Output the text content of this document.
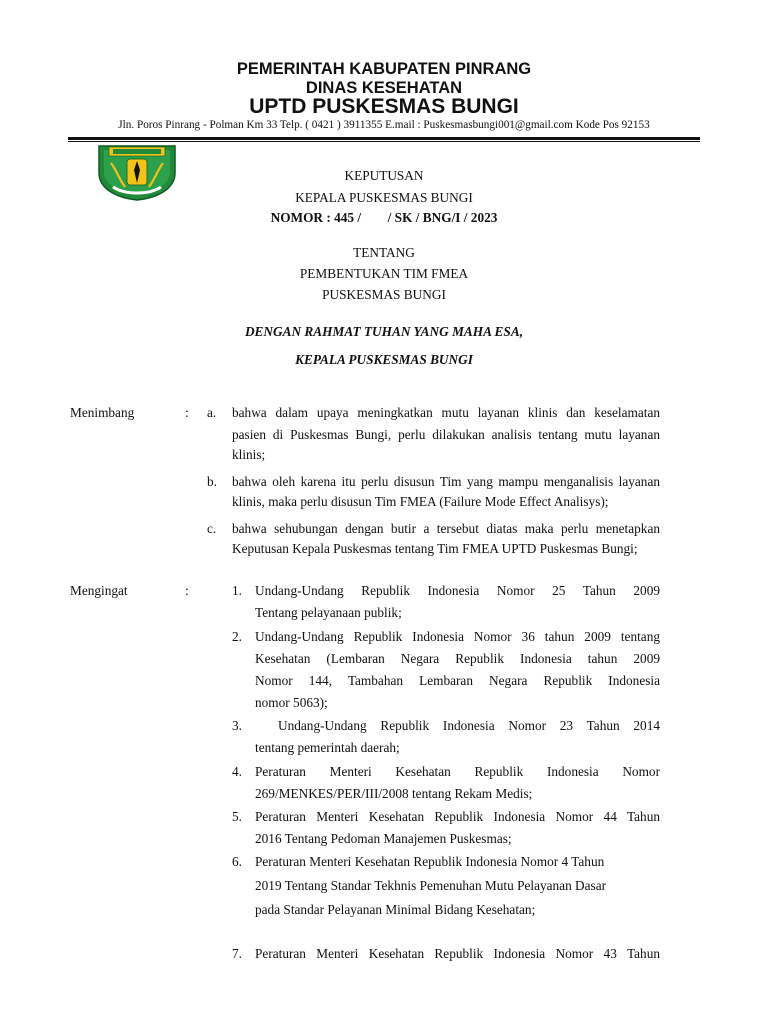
PEMERINTAH KABUPATEN PINRANG
DINAS KESEHATAN
UPTD PUSKESMAS BUNGI
Jln. Poros Pinrang - Polman Km 33 Telp. ( 0421 ) 3911355 E.mail : Puskesmasbungi001@gmail.com Kode Pos 92153
KEPUTUSAN
KEPALA PUSKESMAS BUNGI
NOMOR : 445 /        / SK / BNG/I / 2023
TENTANG
PEMBENTUKAN TIM FMEA
PUSKESMAS BUNGI
DENGAN RAHMAT TUHAN YANG MAHA ESA,
KEPALA PUSKESMAS BUNGI
Menimbang	: a. bahwa dalam upaya meningkatkan mutu layanan klinis dan keselamatan
pasien di Puskesmas Bungi, perlu dilakukan analisis tentang mutu layanan
klinis;
b. bahwa oleh karena itu perlu disusun Tim yang mampu menganalisis layanan
klinis, maka perlu disusun Tim FMEA (Failure Mode Effect Analisys);
c. bahwa sehubungan dengan butir a tersebut diatas maka perlu menetapkan
Keputusan Kepala Puskesmas tentang Tim FMEA UPTD Puskesmas Bungi;
Mengingat	:	1. Undang-Undang Republik Indonesia Nomor 25 Tahun 2009
Tentang pelayanaan publik;
2. Undang-Undang Republik Indonesia Nomor 36 tahun 2009 tentang
Kesehatan (Lembaran Negara Republik Indonesia tahun 2009
Nomor 144, Tambahan Lembaran Negara Republik Indonesia
nomor 5063);
3.	Undang-Undang Republik Indonesia Nomor 23 Tahun 2014
tentang pemerintah daerah;
4. Peraturan Menteri Kesehatan Republik Indonesia Nomor
269/MENKES/PER/III/2008 tentang Rekam Medis;
5. Peraturan Menteri Kesehatan Republik Indonesia Nomor 44 Tahun
2016 Tentang Pedoman Manajemen Puskesmas;
6. Peraturan Menteri Kesehatan Republik Indonesia Nomor 4 Tahun
2019 Tentang Standar Tekhnis Pemenuhan Mutu Pelayanan Dasar
pada Standar Pelayanan Minimal Bidang Kesehatan;
7. Peraturan Menteri Kesehatan Republik Indonesia Nomor 43 Tahun
